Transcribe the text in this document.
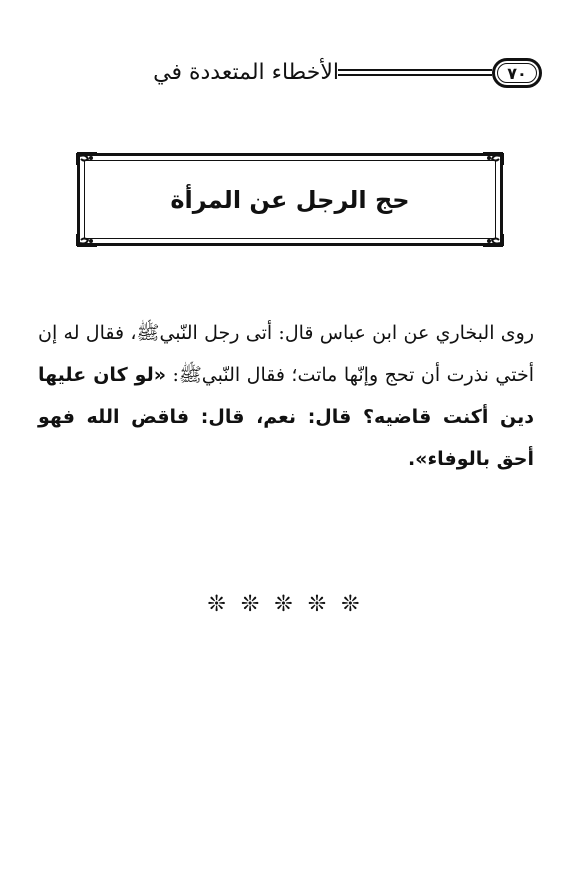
٧٠
الأخطاء المتعددة في
حج الرجل عن المرأة

روى البخاري عن ابن عباس قال: أتى رجل النّبيﷺ، فقال له إن أختي نذرت أن تحج وإنّها ماتت؛ فقال النّبيﷺ: «لو كان عليها دين أكنت قاضيه؟ قال: نعم، قال: فاقض الله فهو أحق بالوفاء».

❊ ❊ ❊ ❊ ❊
